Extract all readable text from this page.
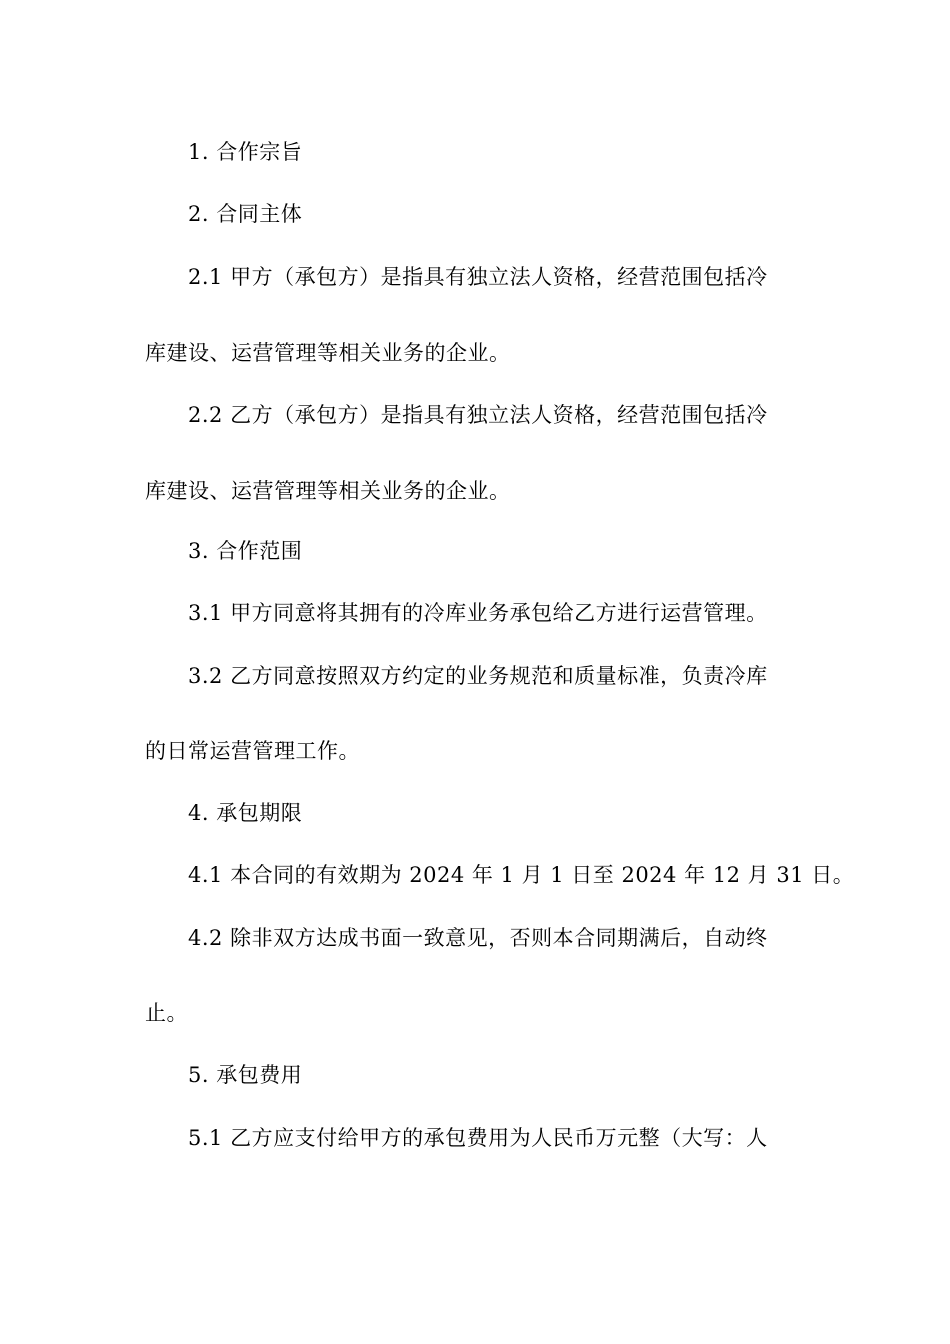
1. 合作宗旨
2. 合同主体
2.1 甲方（承包方）是指具有独立法人资格，经营范围包括冷
库建设、运营管理等相关业务的企业。
2.2 乙方（承包方）是指具有独立法人资格，经营范围包括冷
库建设、运营管理等相关业务的企业。
3. 合作范围
3.1 甲方同意将其拥有的冷库业务承包给乙方进行运营管理。
3.2 乙方同意按照双方约定的业务规范和质量标准，负责冷库
的日常运营管理工作。
4. 承包期限
4.1 本合同的有效期为 2024 年 1 月 1 日至 2024 年 12 月 31 日。
4.2 除非双方达成书面一致意见，否则本合同期满后，自动终
止。
5. 承包费用
5.1 乙方应支付给甲方的承包费用为人民币万元整（大写：人
